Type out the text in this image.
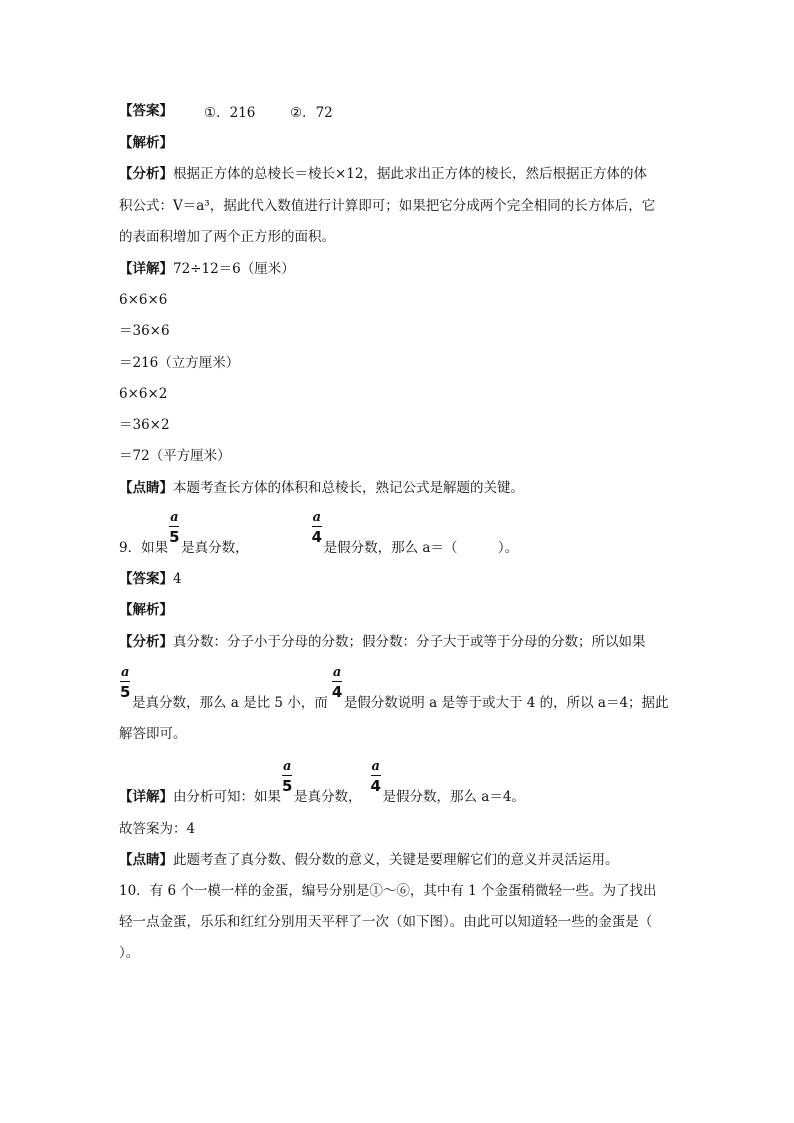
【答案】 ①．216	②．72
【解析】
【分析】根据正方体的总棱长＝棱长×12，据此求出正方体的棱长，然后根据正方体的体
积公式：V＝a³，据此代入数值进行计算即可；如果把它分成两个完全相同的长方体后，它
的表面积增加了两个正方形的面积。
【详解】72÷12＝6（厘米）
6×6×6
＝36×6
＝216（立方厘米）
6×6×2
＝36×2
＝72（平方厘米）
【点睛】本题考查长方体的体积和总棱长，熟记公式是解题的关键。
9．如果 $\frac{a}{5}$ 是真分数，	$\frac{a}{4}$ 是假分数，那么 a＝（　　　）。
【答案】4
【解析】
【分析】真分数：分子小于分母的分数；假分数：分子大于或等于分母的分数；所以如果
$\frac{a}{5}$ 是真分数，那么 a 是比 5 小，而 $\frac{a}{4}$ 是假分数说明 a 是等于或大于 4 的，所以 a＝4；据此
解答即可。
【详解】由分析可知：如果 $\frac{a}{5}$ 是真分数， $\frac{a}{4}$ 是假分数，那么 a＝4。
故答案为：4
【点睛】此题考查了真分数、假分数的意义，关键是要理解它们的意义并灵活运用。
10．有 6 个一模一样的金蛋，编号分别是①～⑥，其中有 1 个金蛋稍微轻一些。为了找出
轻一点金蛋，乐乐和红红分别用天平秤了一次（如下图）。由此可以知道轻一些的金蛋是（
）。
